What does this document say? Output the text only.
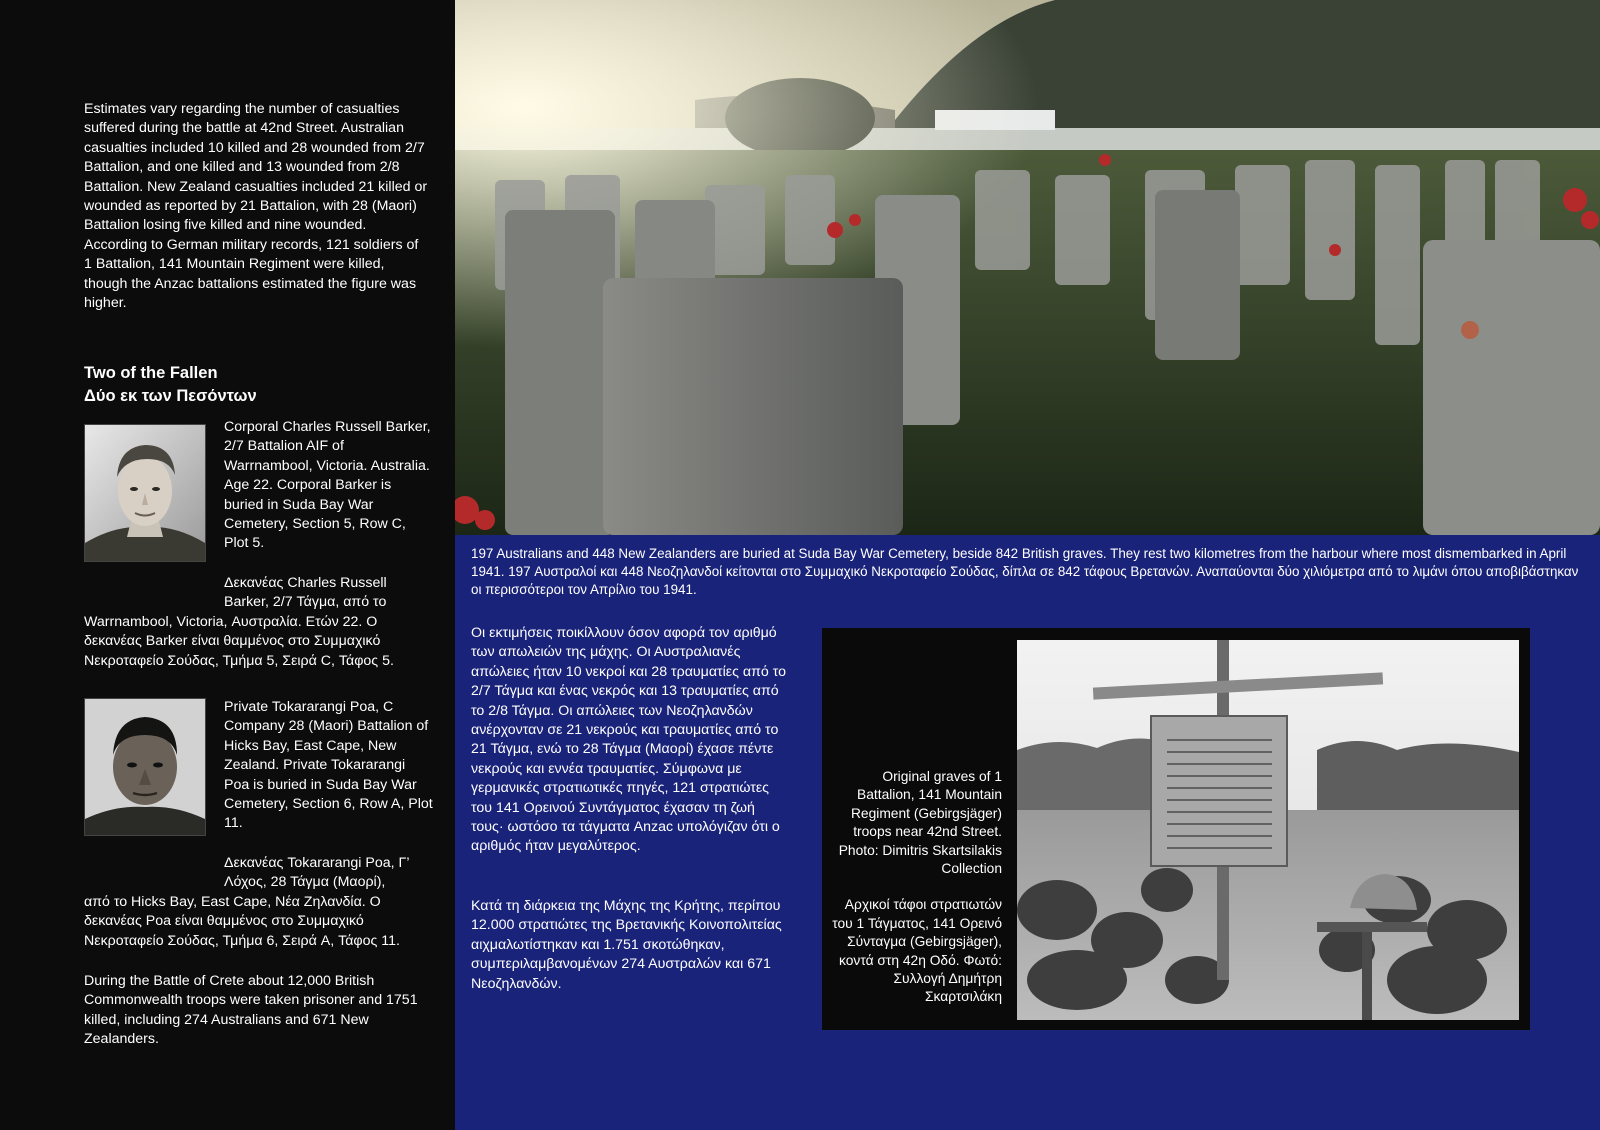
Estimates vary regarding the number of casualties suffered during the battle at 42nd Street. Australian casualties included 10 killed and 28 wounded from 2/7 Battalion, and one killed and 13 wounded from 2/8 Battalion. New Zealand casualties included 21 killed or wounded as reported by 21 Battalion, with 28 (Maori) Battalion losing five killed and nine wounded. According to German military records, 121 soldiers of 1 Battalion, 141 Mountain Regiment were killed, though the Anzac battalions estimated the figure was higher.

Two of the Fallen
Δύο εκ των Πεσόντων

Corporal Charles Russell Barker, 2/7 Battalion AIF of Warrnambool, Victoria. Australia. Age 22. Corporal Barker is buried in Suda Bay War Cemetery, Section 5, Row C, Plot 5.

Δεκανέας Charles Russell Barker, 2/7 Τάγμα, από το

Warrnambool, Victoria, Αυστραλία. Ετών 22. Ο δεκανέας Barker είναι θαμμένος στο Συμμαχικό Νεκροταφείο Σούδας, Τμήμα 5, Σειρά C, Τάφος 5.

Private Tokararangi Poa, C Company 28 (Maori) Battalion of Hicks Bay, East Cape, New Zealand. Private Tokararangi Poa is buried in Suda Bay War Cemetery, Section 6, Row A, Plot 11.

Δεκανέας Tokararangi Poa, Γ’ Λόχος, 28 Τάγμα (Μαορί),

από το Hicks Bay, East Cape, Νέα Ζηλανδία. Ο δεκανέας Poa είναι θαμμένος στο Συμμαχικό Νεκροταφείο Σούδας, Τμήμα 6, Σειρά A, Τάφος 11.

During the Battle of Crete about 12,000 British Commonwealth troops were taken prisoner and 1751 killed, including 274 Australians and 671 New Zealanders.

197 Australians and 448 New Zealanders are buried at Suda Bay War Cemetery, beside 842 British graves. They rest two kilometres from the harbour where most dismembarked in April 1941. 197 Αυστραλοί και 448 Νεοζηλανδοί κείτονται στο Συμμαχικό Νεκροταφείο Σούδας, δίπλα σε 842 τάφους Βρετανών. Αναπαύονται δύο χιλιόμετρα από το λιμάνι όπου αποβιβάστηκαν οι περισσότεροι τον Απρίλιο του 1941.

Οι εκτιμήσεις ποικίλλουν όσον αφορά τον αριθμό των απωλειών της μάχης. Οι Αυστραλιανές απώλειες ήταν 10 νεκροί και 28 τραυματίες από το 2/7 Τάγμα και ένας νεκρός και 13 τραυματίες από το 2/8 Τάγμα. Οι απώλειες των Νεοζηλανδών ανέρχονταν σε 21 νεκρούς και τραυματίες από το 21 Τάγμα, ενώ το 28 Τάγμα (Μαορί) έχασε πέντε νεκρούς και εννέα τραυματίες. Σύμφωνα με γερμανικές στρατιωτικές πηγές, 121 στρατιώτες του 141 Ορεινού Συντάγματος έχασαν τη ζωή τους· ωστόσο τα τάγματα Anzac υπολόγιζαν ότι ο αριθμός ήταν μεγαλύτερος.

Κατά τη διάρκεια της Μάχης της Κρήτης, περίπου 12.000 στρατιώτες της Βρετανικής Κοινοπολιτείας αιχμαλωτίστηκαν και 1.751 σκοτώθηκαν, συμπεριλαμβανομένων 274 Αυστραλών και 671 Νεοζηλανδών.

Original graves of 1 Battalion, 141 Mountain Regiment (Gebirgsjäger) troops near 42nd Street. Photo: Dimitris Skartsilakis Collection

Αρχικοί τάφοι στρατιωτών του 1 Τάγματος, 141 Ορεινό Σύνταγμα (Gebirgsjäger), κοντά στη 42η Οδό. Φωτό: Συλλογή Δημήτρη Σκαρτσιλάκη
